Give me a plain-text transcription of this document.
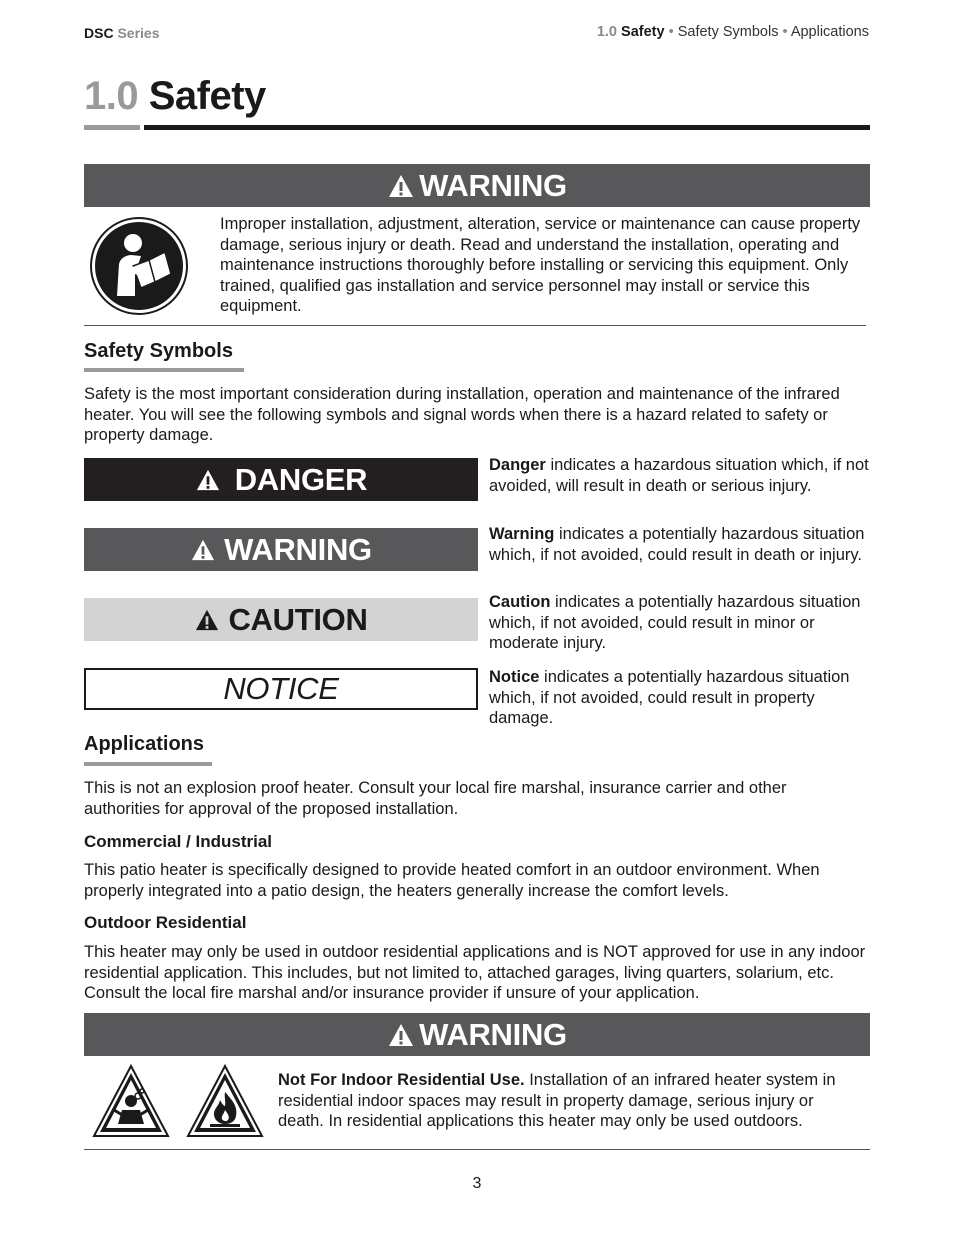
DSC Series	1.0 Safety • Safety Symbols • Applications
1.0 Safety
WARNING
Improper installation, adjustment, alteration, service or maintenance can cause property damage, serious injury or death. Read and understand the installation, operating and maintenance instructions thoroughly before installing or servicing this equipment. Only trained, qualified gas installation and service personnel may install or service this equipment.
Safety Symbols
Safety is the most important consideration during installation, operation and maintenance of the infrared heater. You will see the following symbols and signal words when there is a hazard related to safety or property damage.
DANGER	Danger indicates a hazardous situation which, if not avoided, will result in death or serious injury.
WARNING	Warning indicates a potentially hazardous situation which, if not avoided, could result in death or injury.
CAUTION	Caution indicates a potentially hazardous situation which, if not avoided, could result in minor or moderate injury.
NOTICE	Notice indicates a potentially hazardous situation which, if not avoided, could result in property damage.
Applications
This is not an explosion proof heater. Consult your local fire marshal, insurance carrier and other authorities for approval of the proposed installation.
Commercial / Industrial
This patio heater is specifically designed to provide heated comfort in an outdoor environment. When properly integrated into a patio design, the heaters generally increase the comfort levels.
Outdoor Residential
This heater may only be used in outdoor residential applications and is NOT approved for use in any indoor residential application. This includes, but not limited to, attached garages, living quarters, solarium, etc. Consult the local fire marshal and/or insurance provider if unsure of your application.
WARNING
Not For Indoor Residential Use. Installation of an infrared heater system in residential indoor spaces may result in property damage, serious injury or death. In residential applications this heater may only be used outdoors.
3
